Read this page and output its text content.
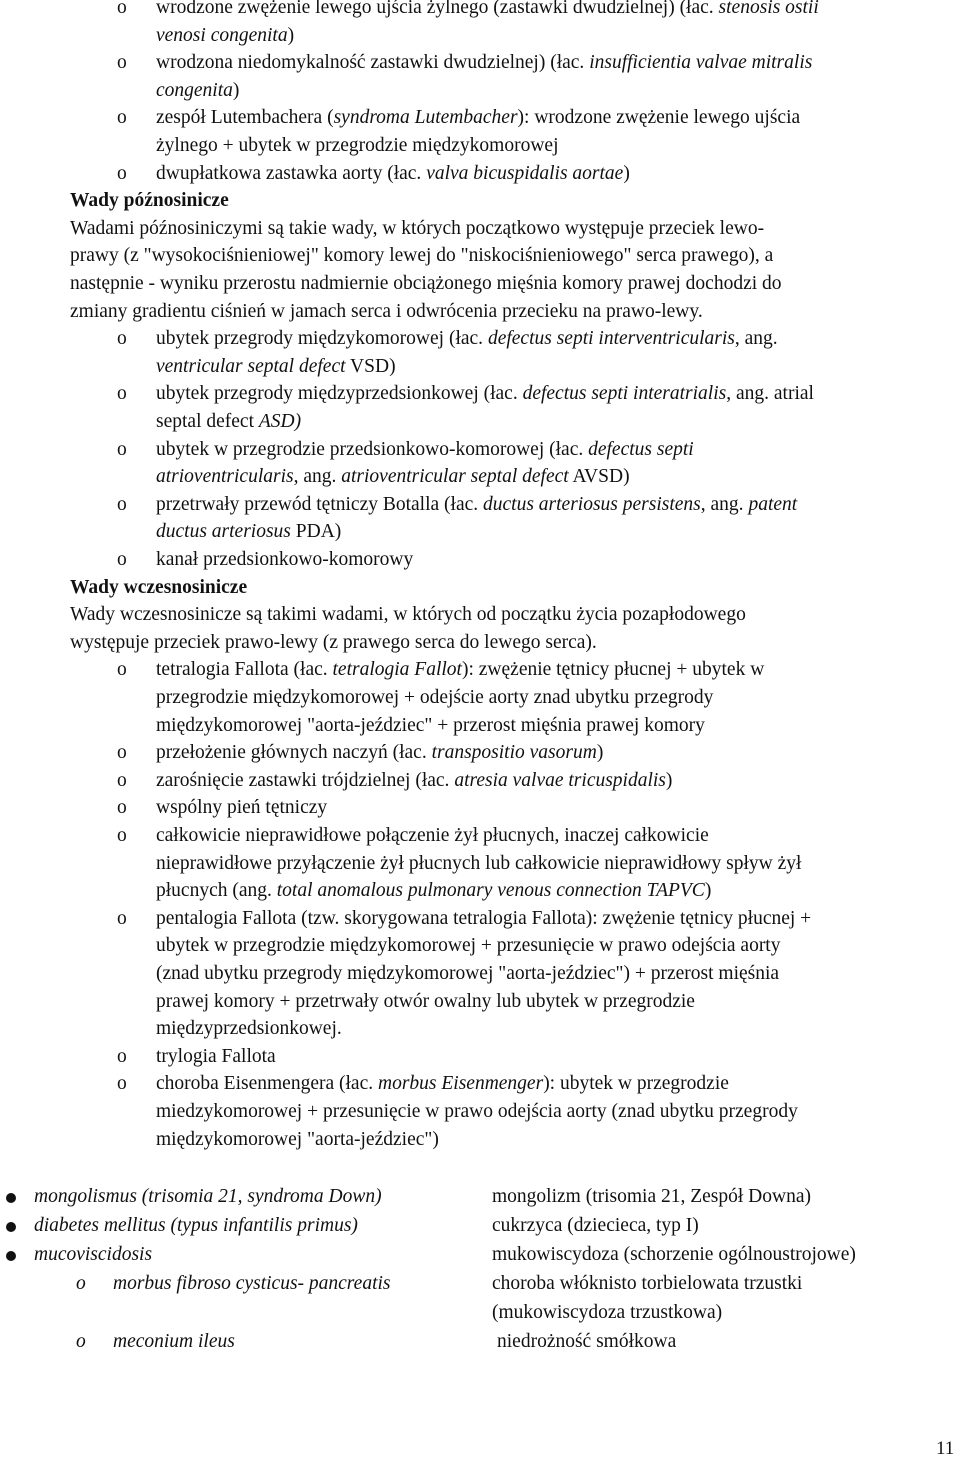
o	wrodzone zwężenie lewego ujścia żylnego (zastawki dwudzielnej) (łac. stenosis ostii
venosi congenita)
o	wrodzona niedomykalność zastawki dwudzielnej) (łac. insufficientia valvae mitralis
congenita)
o	zespół Lutembachera (syndroma Lutembacher): wrodzone zwężenie lewego ujścia
żylnego + ubytek w przegrodzie międzykomorowej
o	dwupłatkowa zastawka aorty (łac. valva bicuspidalis aortae)
Wady późnosinicze
Wadami późnosiniczymi są takie wady, w których początkowo występuje przeciek lewo-
prawy (z "wysokociśnieniowej" komory lewej do "niskociśnieniowego" serca prawego), a
następnie - wyniku przerostu nadmiernie obciążonego mięśnia komory prawej dochodzi do
zmiany gradientu ciśnień w jamach serca i odwrócenia przecieku na prawo-lewy.
o	ubytek przegrody międzykomorowej (łac. defectus septi interventricularis, ang.
ventricular septal defect VSD)
o	ubytek przegrody międzyprzedsionkowej (łac. defectus septi interatrialis, ang. atrial
septal defect ASD)
o	ubytek w przegrodzie przedsionkowo-komorowej (łac. defectus septi
atrioventricularis, ang. atrioventricular septal defect AVSD)
o	przetrwały przewód tętniczy Botalla (łac. ductus arteriosus persistens, ang. patent
ductus arteriosus PDA)
o	kanał przedsionkowo-komorowy
Wady wczesnosinicze
Wady wczesnosinicze są takimi wadami, w których od początku życia pozapłodowego
występuje przeciek prawo-lewy (z prawego serca do lewego serca).
o	tetralogia Fallota (łac. tetralogia Fallot): zwężenie tętnicy płucnej + ubytek w
przegrodzie międzykomorowej + odejście aorty znad ubytku przegrody
międzykomorowej "aorta-jeździec" + przerost mięśnia prawej komory
o	przełożenie głównych naczyń (łac. transpositio vasorum)
o	zarośnięcie zastawki trójdzielnej (łac. atresia valvae tricuspidalis)
o	wspólny pień tętniczy
o	całkowicie nieprawidłowe połączenie żył płucnych, inaczej całkowicie
nieprawidłowe przyłączenie żył płucnych lub całkowicie nieprawidłowy spływ żył
płucnych (ang. total anomalous pulmonary venous connection TAPVC)
o	pentalogia Fallota (tzw. skorygowana tetralogia Fallota): zwężenie tętnicy płucnej +
ubytek w przegrodzie międzykomorowej + przesunięcie w prawo odejścia aorty
(znad ubytku przegrody międzykomorowej "aorta-jeździec") + przerost mięśnia
prawej komory + przetrwały otwór owalny lub ubytek w przegrodzie
międzyprzedsionkowej.
o	trylogia Fallota
o	choroba Eisenmengera (łac. morbus Eisenmenger): ubytek w przegrodzie
miedzykomorowej + przesunięcie w prawo odejścia aorty (znad ubytku przegrody
międzykomorowej "aorta-jeździec")
mongolismus (trisomia 21, syndroma Down)	mongolizm (trisomia 21, Zespół Downa)
diabetes mellitus (typus infantilis primus)	cukrzyca (dziecieca, typ I)
mucoviscidosis	mukowiscydoza (schorzenie ogólnoustrojowe)
o morbus fibroso cysticus- pancreatis	choroba włóknisto torbielowata trzustki
(mukowiscydoza trzustkowa)
o meconium ileus	niedrożność smółkowa
11
